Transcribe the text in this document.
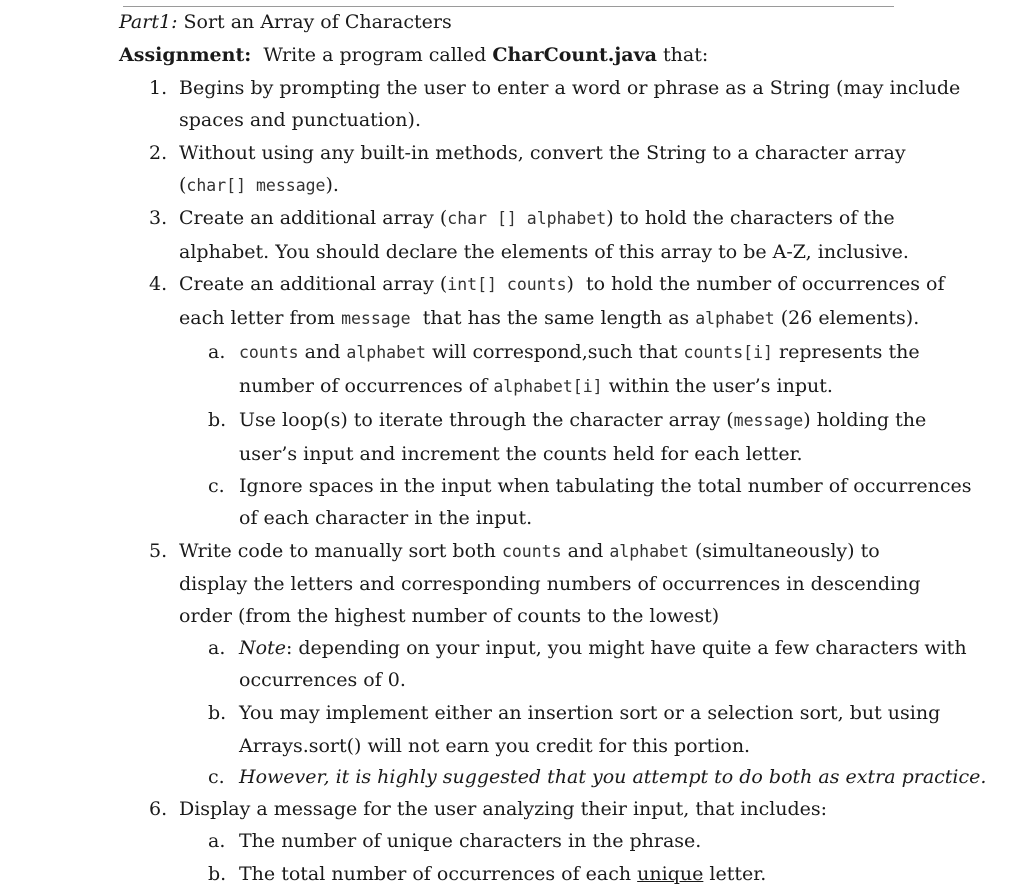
Part1: Sort an Array of Characters
Assignment:  Write a program called CharCount.java that:
1. Begins by prompting the user to enter a word or phrase as a String (may include
spaces and punctuation).
2. Without using any built-in methods, convert the String to a character array
(char[] message).
3. Create an additional array (char [] alphabet) to hold the characters of the
alphabet. You should declare the elements of this array to be A-Z, inclusive.
4. Create an additional array (int[] counts)  to hold the number of occurrences of
each letter from message  that has the same length as alphabet (26 elements).
a. counts and alphabet will correspond,such that counts[i] represents the
number of occurrences of alphabet[i] within the user’s input.
b. Use loop(s) to iterate through the character array (message) holding the
user’s input and increment the counts held for each letter.
c. Ignore spaces in the input when tabulating the total number of occurrences
of each character in the input.
5. Write code to manually sort both counts and alphabet (simultaneously) to
display the letters and corresponding numbers of occurrences in descending
order (from the highest number of counts to the lowest)
a. Note: depending on your input, you might have quite a few characters with
occurrences of 0.
b. You may implement either an insertion sort or a selection sort, but using
Arrays.sort() will not earn you credit for this portion.
c. However, it is highly suggested that you attempt to do both as extra practice.
6. Display a message for the user analyzing their input, that includes:
a. The number of unique characters in the phrase.
b. The total number of occurrences of each unique letter.
